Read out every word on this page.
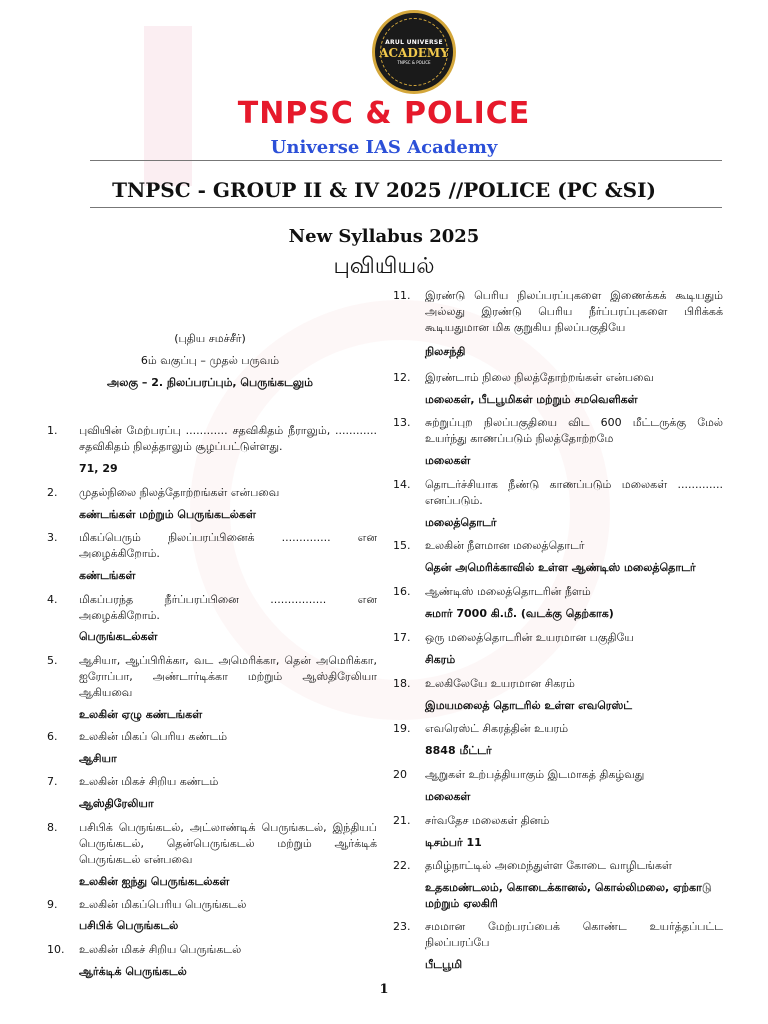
ARUL UNIVERSE
ACADEMY
TNPSC & POLICE
TNPSC & POLICE
Universe IAS Academy
TNPSC - GROUP II & IV 2025 //POLICE (PC &SI)
New Syllabus 2025
புவியியல்
(புதிய சமச்சீர்)
6ம் வகுப்பு – முதல் பருவம்
அலகு – 2. நிலப்பரப்பும், பெருங்கடலும்
1. புவியின் மேற்பரப்பு ............ சதவிகிதம் நீராலும், ............ சதவிகிதம் நிலத்தாலும் சூழப்பட்டுள்ளது.
71, 29
2. முதல்நிலை நிலத்தோற்றங்கள் என்பவை
கண்டங்கள் மற்றும் பெருங்கடல்கள்
3. மிகப்பெரும் நிலப்பரப்பினைக் .............. என அழைக்கிறோம்.
கண்டங்கள்
4. மிகப்பரந்த நீர்ப்பரப்பினை ................ என அழைக்கிறோம்.
பெருங்கடல்கள்
5. ஆசியா, ஆப்பிரிக்கா, வட அமெரிக்கா, தென் அமெரிக்கா, ஐரோப்பா, அண்டார்டிக்கா மற்றும் ஆஸ்திரேலியா ஆகியவை
உலகின் ஏழு கண்டங்கள்
6. உலகின் மிகப் பெரிய கண்டம்
ஆசியா
7. உலகின் மிகச் சிறிய கண்டம்
ஆஸ்திரேலியா
8. பசிபிக் பெருங்கடல், அட்லாண்டிக் பெருங்கடல், இந்தியப் பெருங்கடல், தென்பெருங்கடல் மற்றும் ஆர்க்டிக் பெருங்கடல் என்பவை
உலகின் ஐந்து பெருங்கடல்கள்
9. உலகின் மிகப்பெரிய பெருங்கடல்
பசிபிக் பெருங்கடல்
10. உலகின் மிகச் சிறிய பெருங்கடல்
ஆர்க்டிக் பெருங்கடல்
11. இரண்டு பெரிய நிலப்பரப்புகளை இணைக்கக் கூடியதும் அல்லது இரண்டு பெரிய நீர்ப்பரப்புகளை பிரிக்கக் கூடியதுமான மிக குறுகிய நிலப்பகுதியே
நிலசந்தி
12. இரண்டாம் நிலை நிலத்தோற்றங்கள் என்பவை
மலைகள், பீடபூமிகள் மற்றும் சமவெளிகள்
13. சுற்றுப்புற நிலப்பகுதியை விட 600 மீட்டருக்கு மேல் உயர்ந்து காணப்படும் நிலத்தோற்றமே
மலைகள்
14. தொடர்ச்சியாக நீண்டு காணப்படும் மலைகள் ............. எனப்படும்.
மலைத்தொடர்
15. உலகின் நீளமான மலைத்தொடர்
தென் அமெரிக்காவில் உள்ள ஆண்டிஸ் மலைத்தொடர்
16. ஆண்டிஸ் மலைத்தொடரின் நீளம்
சுமார் 7000 கி.மீ. (வடக்கு தெற்காக)
17. ஒரு மலைத்தொடரின் உயரமான பகுதியே
சிகரம்
18. உலகிலேயே உயரமான சிகரம்
இமயமலைத் தொடரில் உள்ள எவரெஸ்ட்
19. எவரெஸ்ட் சிகரத்தின் உயரம்
8848 மீட்டர்
20 ஆறுகள் உற்பத்தியாகும் இடமாகத் திகழ்வது
மலைகள்
21. சர்வதேச மலைகள் தினம்
டிசம்பர் 11
22. தமிழ்நாட்டில் அமைந்துள்ள கோடை வாழிடங்கள்
உதகமண்டலம், கொடைக்கானல், கொல்லிமலை, ஏற்காடு மற்றும் ஏலகிரி
23. சமமான மேற்பரப்பைக் கொண்ட உயர்த்தப்பட்ட நிலப்பரப்பே
பீடபூமி
1
